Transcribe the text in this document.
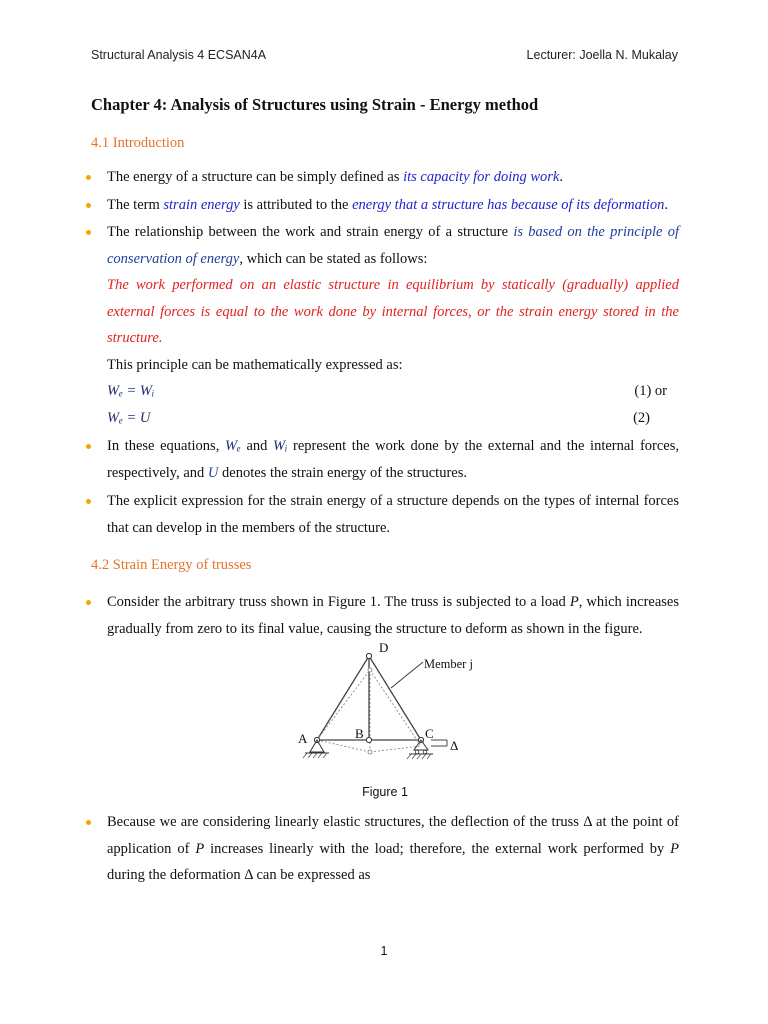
Structural Analysis 4 ECSAN4A	Lecturer: Joella N. Mukalay
Chapter 4: Analysis of Structures using Strain - Energy method
4.1 Introduction
The energy of a structure can be simply defined as its capacity for doing work.
The term strain energy is attributed to the energy that a structure has because of its deformation.
The relationship between the work and strain energy of a structure is based on the principle of conservation of energy, which can be stated as follows:
The work performed on an elastic structure in equilibrium by statically (gradually) applied external forces is equal to the work done by internal forces, or the strain energy stored in the structure.
This principle can be mathematically expressed as:
Wₑ = Wᵢ	(1) or
Wₑ = U	(2)
In these equations, Wₑ and Wᵢ represent the work done by the external and the internal forces, respectively, and U denotes the strain energy of the structures.
The explicit expression for the strain energy of a structure depends on the types of internal forces that can develop in the members of the structure.
4.2 Strain Energy of trusses
Consider the arbitrary truss shown in Figure 1. The truss is subjected to a load P, which increases gradually from zero to its final value, causing the structure to deform as shown in the figure.
D
Member j
A	B	C
Δ
Figure 1
Because we are considering linearly elastic structures, the deflection of the truss Δ at the point of application of P increases linearly with the load; therefore, the external work performed by P during the deformation Δ can be expressed as
1
